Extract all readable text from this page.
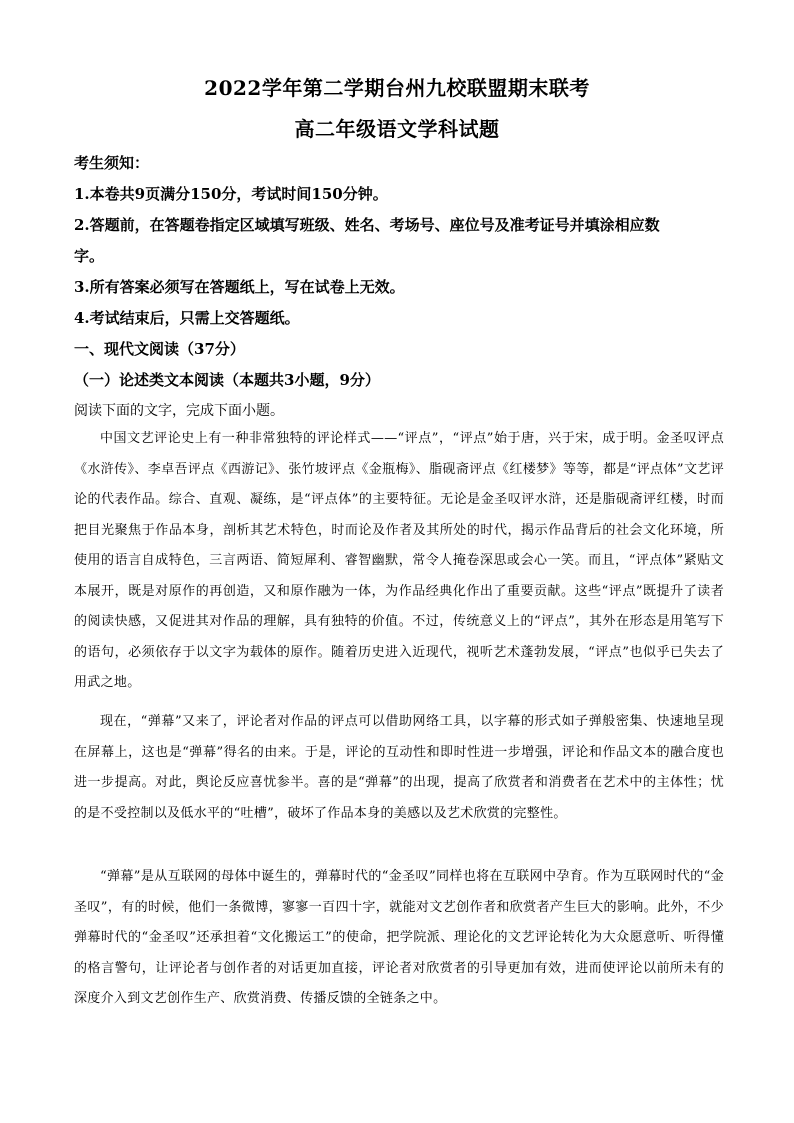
2022学年第二学期台州九校联盟期末联考
高二年级语文学科试题
考生须知：
1.本卷共9页满分150分，考试时间150分钟。
2.答题前，在答题卷指定区域填写班级、姓名、考场号、座位号及准考证号并填涂相应数
字。
3.所有答案必须写在答题纸上，写在试卷上无效。
4.考试结束后，只需上交答题纸。
一、现代文阅读（37分）
（一）论述类文本阅读（本题共3小题，9分）
阅读下面的文字，完成下面小题。
中国文艺评论史上有一种非常独特的评论样式——“评点”，“评点”始于唐，兴于宋，成于明。金圣叹评点《水浒传》、李卓吾评点《西游记》、张竹坡评点《金瓶梅》、脂砚斋评点《红楼梦》等等，都是“评点体”文艺评论的代表作品。综合、直观、凝练，是“评点体”的主要特征。无论是金圣叹评水浒，还是脂砚斋评红楼，时而把目光聚焦于作品本身，剖析其艺术特色，时而论及作者及其所处的时代，揭示作品背后的社会文化环境，所使用的语言自成特色，三言两语、简短犀利、睿智幽默，常令人掩卷深思或会心一笑。而且，“评点体”紧贴文本展开，既是对原作的再创造，又和原作融为一体，为作品经典化作出了重要贡献。这些“评点”既提升了读者的阅读快感，又促进其对作品的理解，具有独特的价值。不过，传统意义上的“评点”，其外在形态是用笔写下的语句，必须依存于以文字为载体的原作。随着历史进入近现代，视听艺术蓬勃发展，“评点”也似乎已失去了用武之地。
现在，“弹幕”又来了，评论者对作品的评点可以借助网络工具，以字幕的形式如子弹般密集、快速地呈现在屏幕上，这也是“弹幕”得名的由来。于是，评论的互动性和即时性进一步增强，评论和作品文本的融合度也进一步提高。对此，舆论反应喜忧参半。喜的是“弹幕”的出现，提高了欣赏者和消费者在艺术中的主体性；忧的是不受控制以及低水平的“吐槽”，破坏了作品本身的美感以及艺术欣赏的完整性。
“弹幕”是从互联网的母体中诞生的，弹幕时代的“金圣叹”同样也将在互联网中孕育。作为互联网时代的“金圣叹”，有的时候，他们一条微博，寥寥一百四十字，就能对文艺创作者和欣赏者产生巨大的影响。此外，不少弹幕时代的“金圣叹”还承担着“文化搬运工”的使命，把学院派、理论化的文艺评论转化为大众愿意听、听得懂的格言警句，让评论者与创作者的对话更加直接，评论者对欣赏者的引导更加有效，进而使评论以前所未有的深度介入到文艺创作生产、欣赏消费、传播反馈的全链条之中。
